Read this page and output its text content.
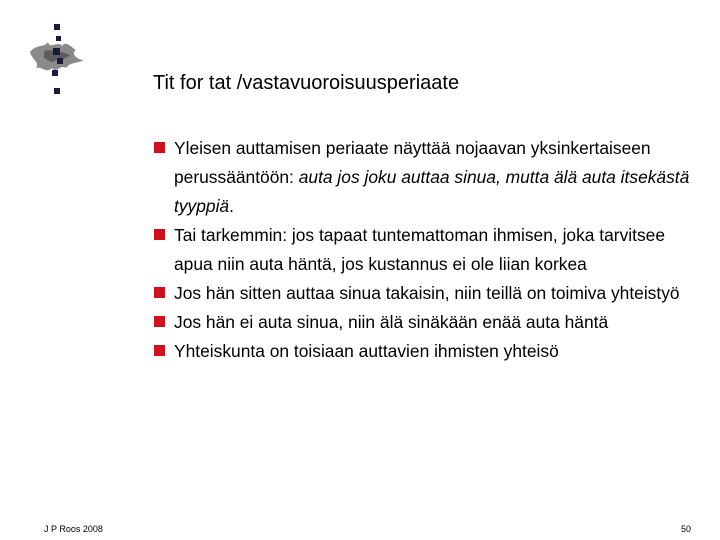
Tit for tat /vastavuoroisuusperiaate
Yleisen auttamisen periaate näyttää nojaavan yksinkertaiseen perussääntöön: auta jos joku auttaa sinua, mutta älä auta itsekästä tyyppiä.
Tai tarkemmin: jos tapaat tuntemattoman ihmisen, joka tarvitsee apua niin auta häntä, jos kustannus ei ole liian korkea
Jos hän sitten auttaa sinua takaisin, niin teillä on toimiva yhteistyö
Jos hän ei auta sinua, niin älä sinäkään enää auta häntä
Yhteiskunta on toisiaan auttavien ihmisten yhteisö
J P Roos 2008	50
